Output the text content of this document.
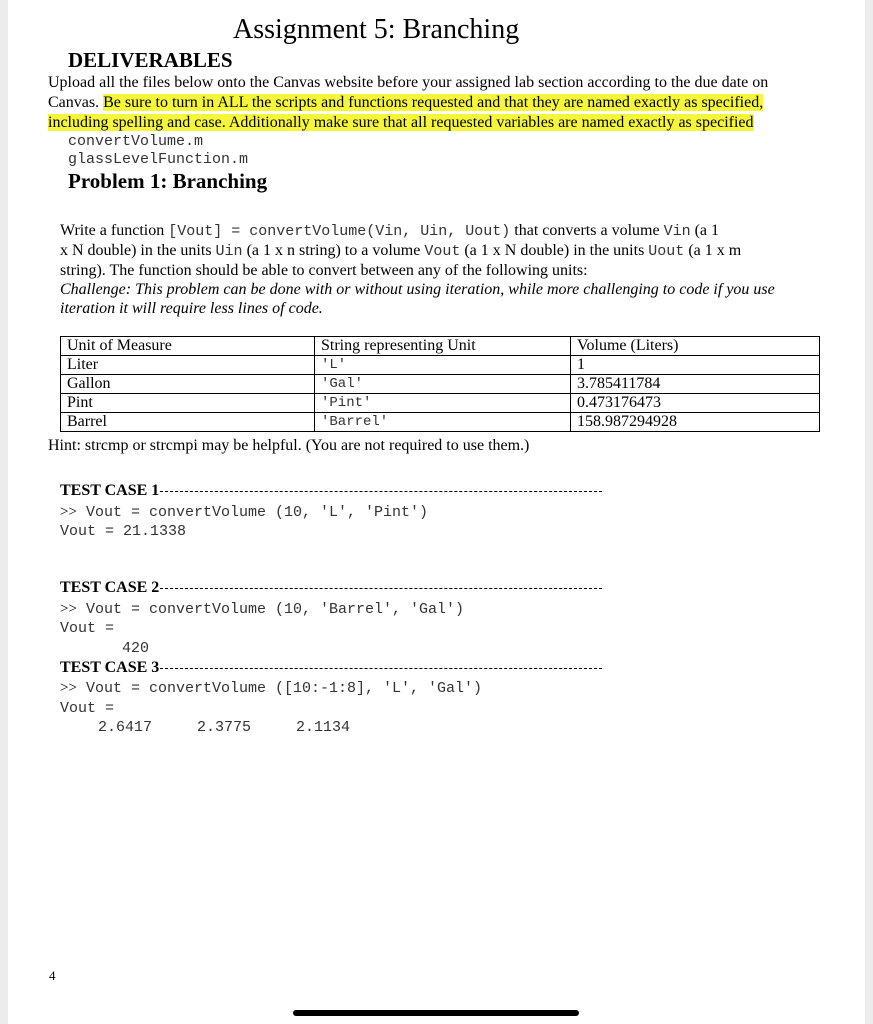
Assignment 5: Branching
DELIVERABLES
Upload all the files below onto the Canvas website before your assigned lab section according to the due date on
Canvas. Be sure to turn in ALL the scripts and functions requested and that they are named exactly as specified,
including spelling and case. Additionally make sure that all requested variables are named exactly as specified
convertVolume.m
glassLevelFunction.m
Problem 1: Branching
Write a function [Vout] = convertVolume(Vin, Uin, Uout) that converts a volume Vin (a 1
x N double) in the units Uin (a 1 x n string) to a volume Vout (a 1 x N double) in the units Uout (a 1 x m
string). The function should be able to convert between any of the following units:
Challenge: This problem can be done with or without using iteration, while more challenging to code if you use
iteration it will require less lines of code.
Unit of Measure	String representing Unit	Volume (Liters)
Liter	'L'	1
Gallon	'Gal'	3.785411784
Pint	'Pint'	0.473176473
Barrel	'Barrel'	158.987294928
Hint: strcmp or strcmpi may be helpful. (You are not required to use them.)
TEST CASE 1
>> Vout = convertVolume (10, 'L', 'Pint')
Vout = 21.1338
TEST CASE 2
>> Vout = convertVolume (10, 'Barrel', 'Gal')
Vout =
420
TEST CASE 3
>> Vout = convertVolume ([10:-1:8], 'L', 'Gal')
Vout =
2.6417     2.3775     2.1134
4
